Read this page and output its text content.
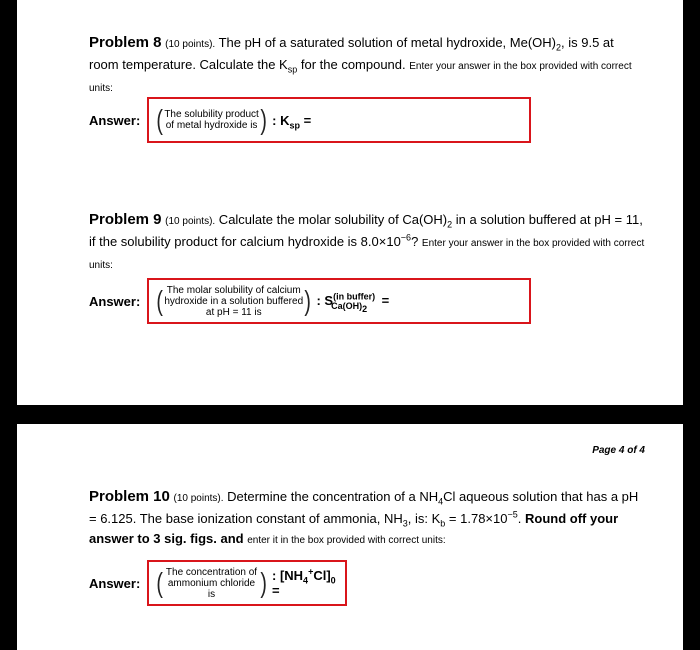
Problem 8 (10 points). The pH of a saturated solution of metal hydroxide, $Me(OH)_2$, is 9.5 at room temperature. Calculate the $K_{sp}$ for the compound. Enter your answer in the box provided with correct units:
Answer: ( The solubility product
of metal hydroxide is ) : $K_{sp}$ =
Problem 9 (10 points). Calculate the molar solubility of $Ca(OH)_2$ in a solution buffered at pH = 11, if the solubility product for calcium hydroxide is $8.0\times 10^{-6}$? Enter your answer in the box provided with correct units:
Answer: ( The molar solubility of calcium
hydroxide in a solution buffered
at pH = 11 is	) : $S^{(in buffer)}_{Ca(OH)_2}$    =
Page 4 of 4
Problem 10 (10 points). Determine the concentration of a $NH_4Cl$ aqueous solution that has a pH = 6.125. The base ionization constant of ammonia, $NH_3$, is: $K_b = 1.78\times 10^{-5}$. Round off your answer to 3 sig. figs. and enter it in the box provided with correct units:
Answer: ( The concentration of
ammonium chloride is	) : $[NH_4^+Cl]_0$ =
